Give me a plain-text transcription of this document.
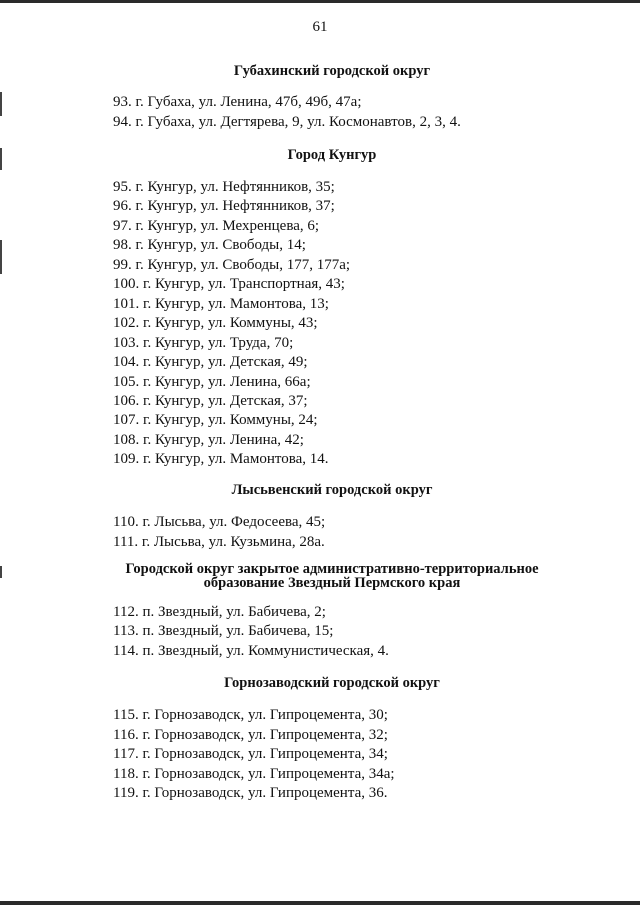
61
Губахинский городской округ
93. г. Губаха, ул. Ленина, 47б, 49б, 47а;
94. г. Губаха, ул. Дегтярева, 9, ул. Космонавтов, 2, 3, 4.
Город Кунгур
95. г. Кунгур, ул. Нефтянников, 35;
96. г. Кунгур, ул. Нефтянников, 37;
97. г. Кунгур, ул. Мехренцева, 6;
98. г. Кунгур, ул. Свободы, 14;
99. г. Кунгур, ул. Свободы, 177, 177а;
100. г. Кунгур, ул. Транспортная, 43;
101. г. Кунгур, ул. Мамонтова, 13;
102. г. Кунгур, ул. Коммуны, 43;
103. г. Кунгур, ул. Труда, 70;
104. г. Кунгур, ул. Детская, 49;
105. г. Кунгур, ул. Ленина, 66а;
106. г. Кунгур, ул. Детская, 37;
107. г. Кунгур, ул. Коммуны, 24;
108. г. Кунгур, ул. Ленина, 42;
109. г. Кунгур, ул. Мамонтова, 14.
Лысьвенский городской округ
110. г. Лысьва, ул. Федосеева, 45;
111. г. Лысьва, ул. Кузьмина, 28а.
Городской округ закрытое административно-территориальное
образование Звездный Пермского края
112. п. Звездный, ул. Бабичева, 2;
113. п. Звездный, ул. Бабичева, 15;
114. п. Звездный, ул. Коммунистическая, 4.
Горнозаводский городской округ
115. г. Горнозаводск, ул. Гипроцемента, 30;
116. г. Горнозаводск, ул. Гипроцемента, 32;
117. г. Горнозаводск, ул. Гипроцемента, 34;
118. г. Горнозаводск, ул. Гипроцемента, 34а;
119. г. Горнозаводск, ул. Гипроцемента, 36.
